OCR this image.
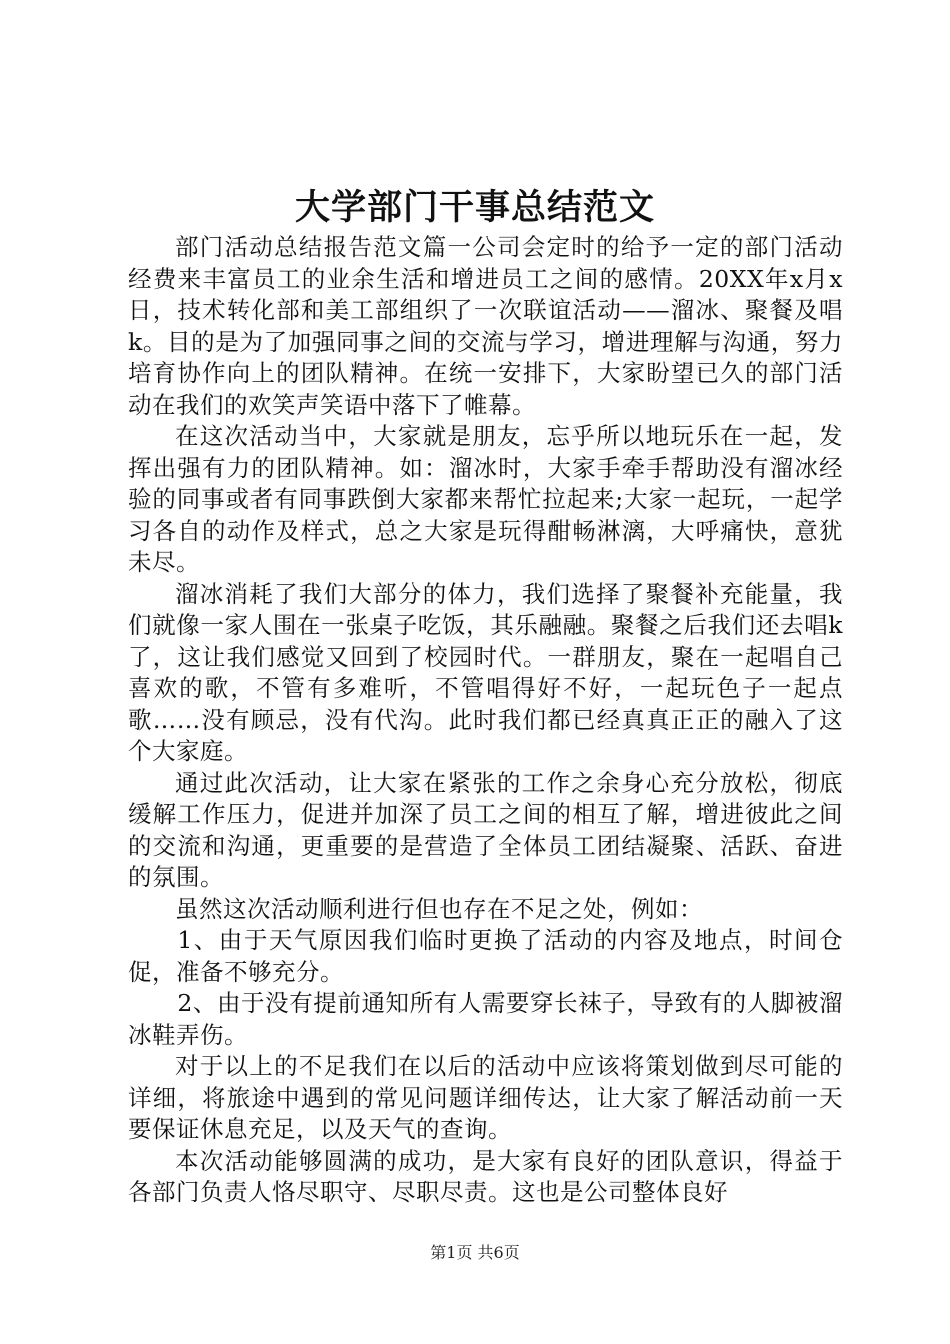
大学部门干事总结范文

部门活动总结报告范文篇一公司会定时的给予一定的部门活动经费来丰富员工的业余生活和增进员工之间的感情。20XX年x月x日，技术转化部和美工部组织了一次联谊活动——溜冰、聚餐及唱k。目的是为了加强同事之间的交流与学习，增进理解与沟通，努力培育协作向上的团队精神。在统一安排下，大家盼望已久的部门活动在我们的欢笑声笑语中落下了帷幕。

在这次活动当中，大家就是朋友，忘乎所以地玩乐在一起，发挥出强有力的团队精神。如：溜冰时，大家手牵手帮助没有溜冰经验的同事或者有同事跌倒大家都来帮忙拉起来;大家一起玩，一起学习各自的动作及样式，总之大家是玩得酣畅淋漓，大呼痛快，意犹未尽。

溜冰消耗了我们大部分的体力，我们选择了聚餐补充能量，我们就像一家人围在一张桌子吃饭，其乐融融。聚餐之后我们还去唱k了，这让我们感觉又回到了校园时代。一群朋友，聚在一起唱自己喜欢的歌，不管有多难听，不管唱得好不好，一起玩色子一起点歌……没有顾忌，没有代沟。此时我们都已经真真正正的融入了这个大家庭。

通过此次活动，让大家在紧张的工作之余身心充分放松，彻底缓解工作压力，促进并加深了员工之间的相互了解，增进彼此之间的交流和沟通，更重要的是营造了全体员工团结凝聚、活跃、奋进的氛围。

虽然这次活动顺利进行但也存在不足之处，例如：

1、由于天气原因我们临时更换了活动的内容及地点，时间仓促，准备不够充分。

2、由于没有提前通知所有人需要穿长袜子，导致有的人脚被溜冰鞋弄伤。

对于以上的不足我们在以后的活动中应该将策划做到尽可能的详细，将旅途中遇到的常见问题详细传达，让大家了解活动前一天要保证休息充足，以及天气的查询。

本次活动能够圆满的成功，是大家有良好的团队意识，得益于各部门负责人恪尽职守、尽职尽责。这也是公司整体良好

第1页 共6页
